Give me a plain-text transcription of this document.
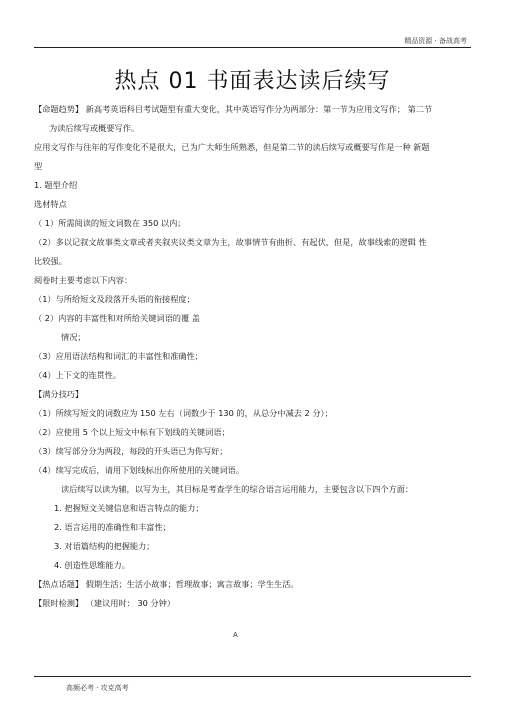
精品资源 · 备战高考
热点 01 书面表达读后续写

【命题趋势】 新高考英语科目考试题型有重大变化，其中英语写作分为两部分：第一节为应用文写作； 第二节

为读后续写或概要写作。

应用文写作与往年的写作变化不是很大，已为广大师生所熟悉，但是第二节的读后续写或概要写作是一种 新题

型

1. 题型介绍

选材特点

（ 1）所需阅读的短文词数在 350 以内；

（2）多以记叙文故事类文章或者夹叙夹议类文章为主，故事情节有曲折、有起伏，但是，故事线索的逻辑 性

比较强。

阅卷时主要考虑以下内容：

（1）与所给短文及段落开头语的衔接程度；

（ 2）内容的丰富性和对所给关键词语的覆 盖

情况；

（3）应用语法结构和词汇的丰富性和准确性；

（4）上下文的连贯性。

【满分技巧】

（1）所续写短文的词数应为 150 左右（词数少于 130 的，从总分中减去 2 分）；

（2）应使用 5 个以上短文中标有下划线的关键词语；

（3）续写部分分为两段，每段的开头语已为你写好；

（4）续写完成后，请用下划线标出你所使用的关键词语。

读后续写以读为辅，以写为主，其目标是考查学生的综合语言运用能力，主要包含以下四个方面：

1. 把握短文关键信息和语言特点的能力；

2. 语言运用的准确性和丰富性；

3. 对语篇结构的把握能力；

4. 创造性思维能力。

【热点话题】 假期生活；生活小故事；哲理故事；寓言故事；学生生活。

【限时检测】 （建议用时： 30 分钟）

A
高频必考 · 攻克高考
